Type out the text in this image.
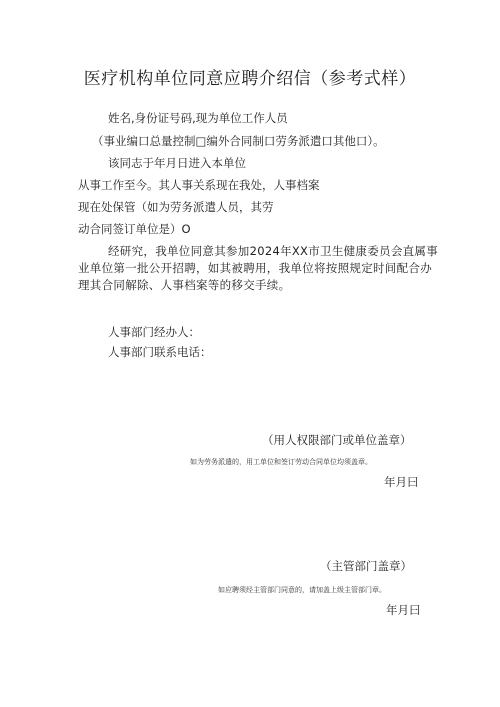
医疗机构单位同意应聘介绍信（参考式样）
姓名,身份证号码,现为单位工作人员
（事业编口总量控制□编外合同制口劳务派遣口其他口）。
该同志于年月日进入本单位
从事工作至今。其人事关系现在我处，人事档案
现在处保管（如为劳务派遣人员，其劳
动合同签订单位是）O
经研究，我单位同意其参加2024年XX市卫生健康委员会直属事业单位第一批公开招聘，如其被聘用，我单位将按照规定时间配合办理其合同解除、人事档案等的移交手续。
人事部门经办人：
人事部门联系电话：
（用人权限部门或单位盖章）
如为劳务派遣的，用工单位和签订劳动合同单位均须盖章。
年月曰
（主管部门盖章）
如应聘须经主管部门同意的，请加盖上级主管部门章。
年月曰
